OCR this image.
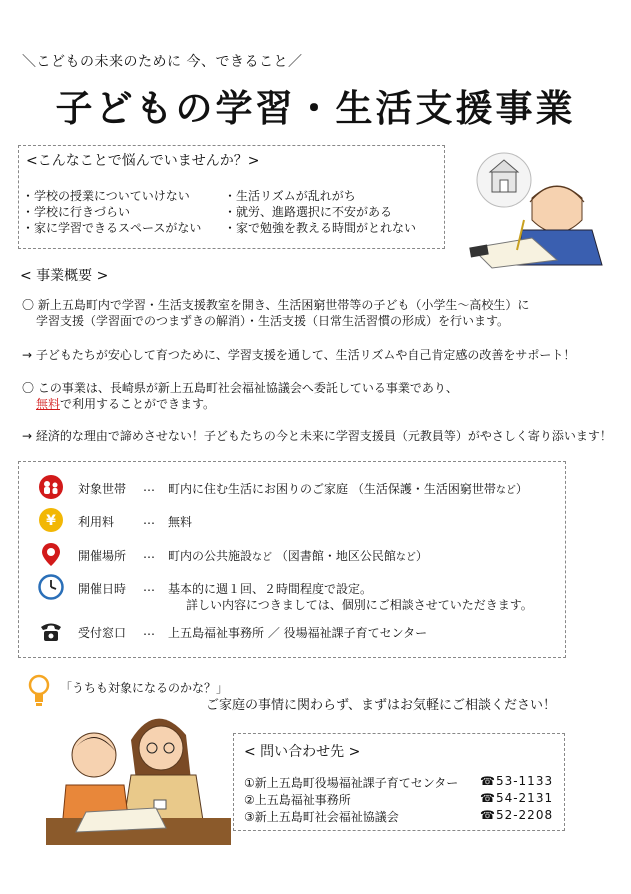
＼こどもの未来のために 今、できること／
子どもの学習・生活支援事業
<こんなことで悩んでいませんか？>
・学校の授業についていけない
・学校に行きづらい
・家に学習できるスペースがない
・生活リズムが乱れがち
・就労、進路選択に不安がある
・家で勉強を教える時間がとれない
< 事業概要 >
〇 新上五島町内で学習・生活支援教室を開き、生活困窮世帯等の子ども（小学生～高校生）に
学習支援（学習面でのつまずきの解消）・生活支援（日常生活習慣の形成）を行います。
→ 子どもたちが安心して育つために、学習支援を通して、生活リズムや自己肯定感の改善をサポート！
〇 この事業は、長崎県が新上五島町社会福祉協議会へ委託している事業であり、
無料で利用することができます。
→ 経済的な理由で諦めさせない！子どもたちの今と未来に学習支援員（元教員等）がやさしく寄り添います！
対象世帯 … 町内に住む生活にお困りのご家庭 （生活保護・生活困窮世帯など）
¥ 利用料 … 無料
開催場所 … 町内の公共施設など （図書館・地区公民館など）
開催日時 … 基本的に週１回、２時間程度で設定。
詳しい内容につきましては、個別にご相談させていただきます。
受付窓口 … 上五島福祉事務所 ／ 役場福祉課子育てセンター
「うちも対象になるのかな？」
ご家庭の事情に関わらず、まずはお気軽にご相談ください！
< 問い合わせ先 >
①新上五島町役場福祉課子育てセンター ☎53-1133
②上五島福祉事務所	☎54-2131
③新上五島町社会福祉協議会	☎52-2208
